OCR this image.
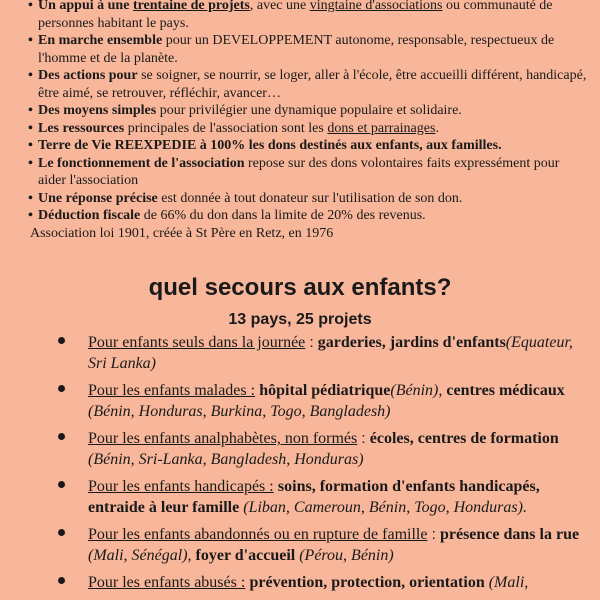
• Un appui à une trentaine de projets, avec une vingtaine d'associations ou communauté de personnes habitant le pays.
• En marche ensemble pour un DEVELOPPEMENT autonome, responsable, respectueux de l'homme et de la planète.
• Des actions pour se soigner, se nourrir, se loger, aller à l'école, être accueilli différent, handicapé, être aimé, se retrouver, réfléchir, avancer…
• Des moyens simples pour privilégier une dynamique populaire et solidaire.
• Les ressources principales de l'association sont les dons et parrainages.
• Terre de Vie REEXPEDIE à 100% les dons destinés aux enfants, aux familles.
• Le fonctionnement de l'association repose sur des dons volontaires faits expressément pour aider l'association
• Une réponse précise est donnée à tout donateur sur l'utilisation de son don.
• Déduction fiscale de 66% du don dans la limite de 20% des revenus.
Association loi 1901, créée à St Père en Retz, en 1976
quel secours aux enfants?
13 pays, 25 projets
Pour enfants seuls dans la journée : garderies, jardins d'enfants(Equateur, Sri Lanka)
Pour les enfants malades : hôpital pédiatrique(Bénin), centres médicaux (Bénin, Honduras, Burkina, Togo, Bangladesh)
Pour les enfants analphabètes, non formés : écoles, centres de formation (Bénin, Sri-Lanka, Bangladesh, Honduras)
Pour les enfants handicapés : soins, formation d'enfants handicapés, entraide à leur famille (Liban, Cameroun, Bénin, Togo, Honduras).
Pour les enfants abandonnés ou en rupture de famille : présence dans la rue (Mali, Sénégal), foyer d'accueil (Pérou, Bénin)
Pour les enfants abusés : prévention, protection, orientation (Mali,
